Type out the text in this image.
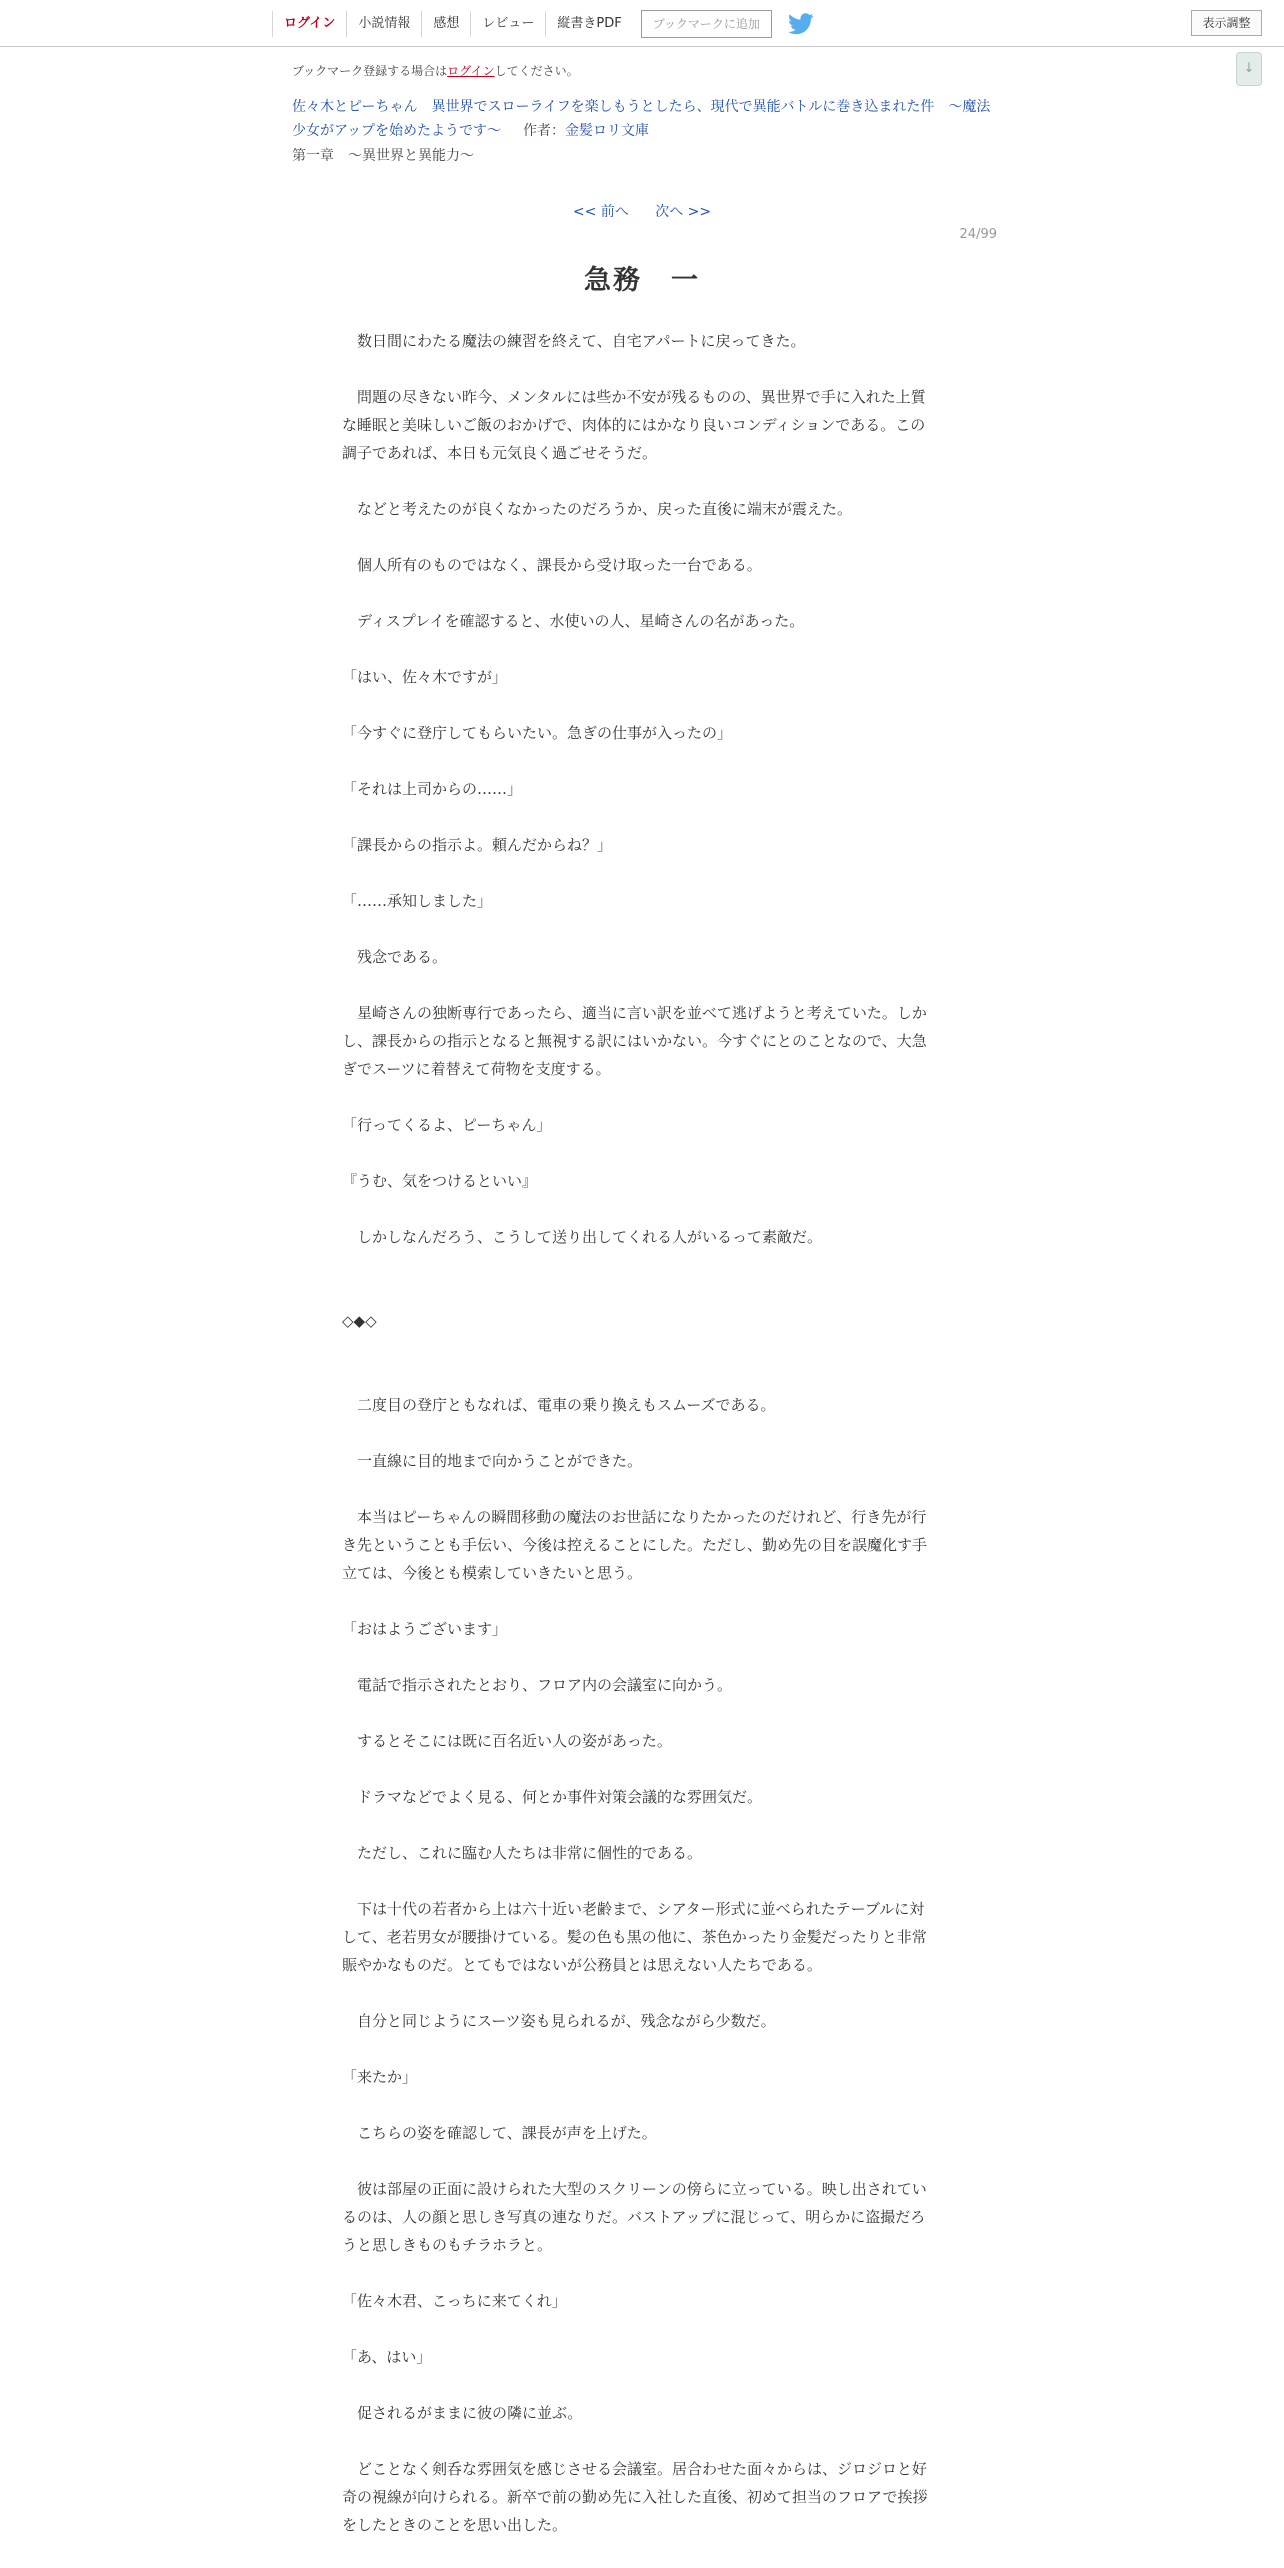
ログイン	小説情報	感想	レビュー	縦書きPDF	ブックマークに追加	表示調整
↓
ブックマーク登録する場合はログインしてください。
佐々木とピーちゃん　異世界でスローライフを楽しもうとしたら、現代で異能バトルに巻き込まれた件　～魔法少女がアップを始めたようです～ 作者：金髪ロリ文庫
第一章　～異世界と異能力～
<< 前へ 次へ >>
24/99
急務　一

　数日間にわたる魔法の練習を終えて、自宅アパートに戻ってきた。

　問題の尽きない昨今、メンタルには些か不安が残るものの、異世界で手に入れた上質な睡眠と美味しいご飯のおかげで、肉体的にはかなり良いコンディションである。この調子であれば、本日も元気良く過ごせそうだ。

　などと考えたのが良くなかったのだろうか、戻った直後に端末が震えた。

　個人所有のものではなく、課長から受け取った一台である。

　ディスプレイを確認すると、水使いの人、星崎さんの名があった。

「はい、佐々木ですが」

「今すぐに登庁してもらいたい。急ぎの仕事が入ったの」

「それは上司からの……」

「課長からの指示よ。頼んだからね？」

「……承知しました」

　残念である。

　星崎さんの独断専行であったら、適当に言い訳を並べて逃げようと考えていた。しかし、課長からの指示となると無視する訳にはいかない。今すぐにとのことなので、大急ぎでスーツに着替えて荷物を支度する。

「行ってくるよ、ピーちゃん」

『うむ、気をつけるといい』

　しかしなんだろう、こうして送り出してくれる人がいるって素敵だ。

◇◆◇

　二度目の登庁ともなれば、電車の乗り換えもスムーズである。

　一直線に目的地まで向かうことができた。

　本当はピーちゃんの瞬間移動の魔法のお世話になりたかったのだけれど、行き先が行き先ということも手伝い、今後は控えることにした。ただし、勤め先の目を誤魔化す手立ては、今後とも模索していきたいと思う。

「おはようございます」

　電話で指示されたとおり、フロア内の会議室に向かう。

　するとそこには既に百名近い人の姿があった。

　ドラマなどでよく見る、何とか事件対策会議的な雰囲気だ。

　ただし、これに臨む人たちは非常に個性的である。

　下は十代の若者から上は六十近い老齢まで、シアター形式に並べられたテーブルに対して、老若男女が腰掛けている。髪の色も黒の他に、茶色かったり金髪だったりと非常賑やかなものだ。とてもではないが公務員とは思えない人たちである。

　自分と同じようにスーツ姿も見られるが、残念ながら少数だ。

「来たか」

　こちらの姿を確認して、課長が声を上げた。

　彼は部屋の正面に設けられた大型のスクリーンの傍らに立っている。映し出されているのは、人の顔と思しき写真の連なりだ。バストアップに混じって、明らかに盗撮だろうと思しきものもチラホラと。

「佐々木君、こっちに来てくれ」

「あ、はい」

　促されるがままに彼の隣に並ぶ。

　どことなく剣呑な雰囲気を感じさせる会議室。居合わせた面々からは、ジロジロと好奇の視線が向けられる。新卒で前の勤め先に入社した直後、初めて担当のフロアで挨拶をしたときのことを思い出した。
